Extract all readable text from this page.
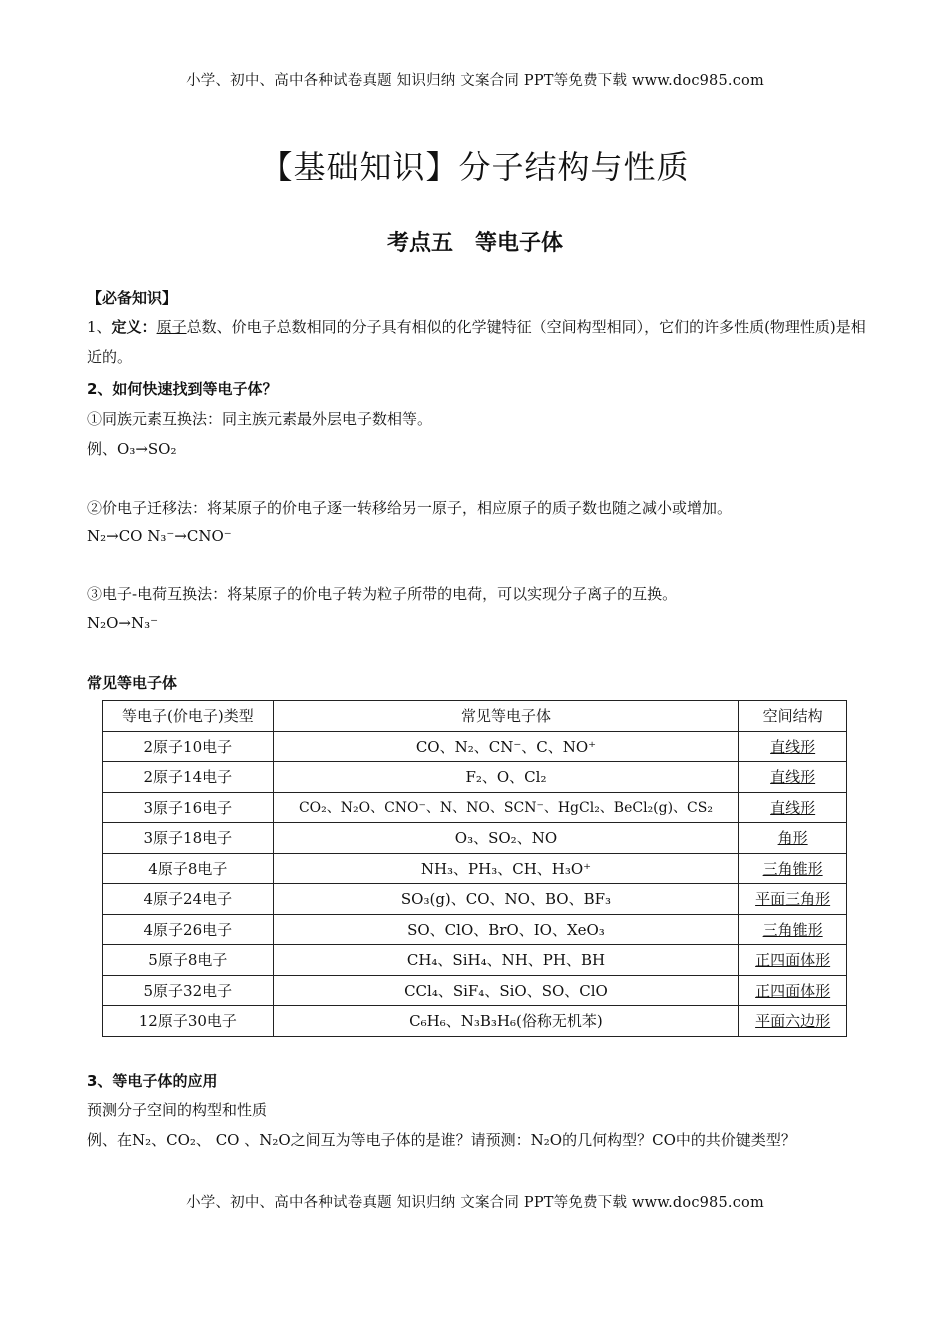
小学、初中、高中各种试卷真题 知识归纳 文案合同 PPT等免费下载 www.doc985.com
【基础知识】分子结构与性质
考点五　等电子体
【必备知识】
1、定义：原子总数、价电子总数相同的分子具有相似的化学键特征（空间构型相同），它们的许多性质(物理性质)是相近的。
2、如何快速找到等电子体？
①同族元素互换法：同主族元素最外层电子数相等。
例、O₃→SO₂
②价电子迁移法：将某原子的价电子逐一转移给另一原子，相应原子的质子数也随之减小或增加。
N₂→CO N₃⁻→CNO⁻
③电子-电荷互换法：将某原子的价电子转为粒子所带的电荷，可以实现分子离子的互换。
N₂O→N₃⁻
常见等电子体
等电子(价电子)类型	常见等电子体	空间结构
2原子10电子	CO、N₂、CN⁻、C、NO⁺	直线形
2原子14电子	F₂、O、Cl₂	直线形
3原子16电子	CO₂、N₂O、CNO⁻、N、NO、SCN⁻、HgCl₂、BeCl₂(g)、CS₂	直线形
3原子18电子	O₃、SO₂、NO	角形
4原子8电子	NH₃、PH₃、CH、H₃O⁺	三角锥形
4原子24电子	SO₃(g)、CO、NO、BO、BF₃	平面三角形
4原子26电子	SO、ClO、BrO、IO、XeO₃	三角锥形
5原子8电子	CH₄、SiH₄、NH、PH、BH	正四面体形
5原子32电子	CCl₄、SiF₄、SiO、SO、ClO	正四面体形
12原子30电子	C₆H₆、N₃B₃H₆(俗称无机苯)	平面六边形
3、等电子体的应用
预测分子空间的构型和性质
例、在N₂、CO₂、 CO 、N₂O之间互为等电子体的是谁？请预测：N₂O的几何构型？CO中的共价键类型？
小学、初中、高中各种试卷真题 知识归纳 文案合同 PPT等免费下载 www.doc985.com
